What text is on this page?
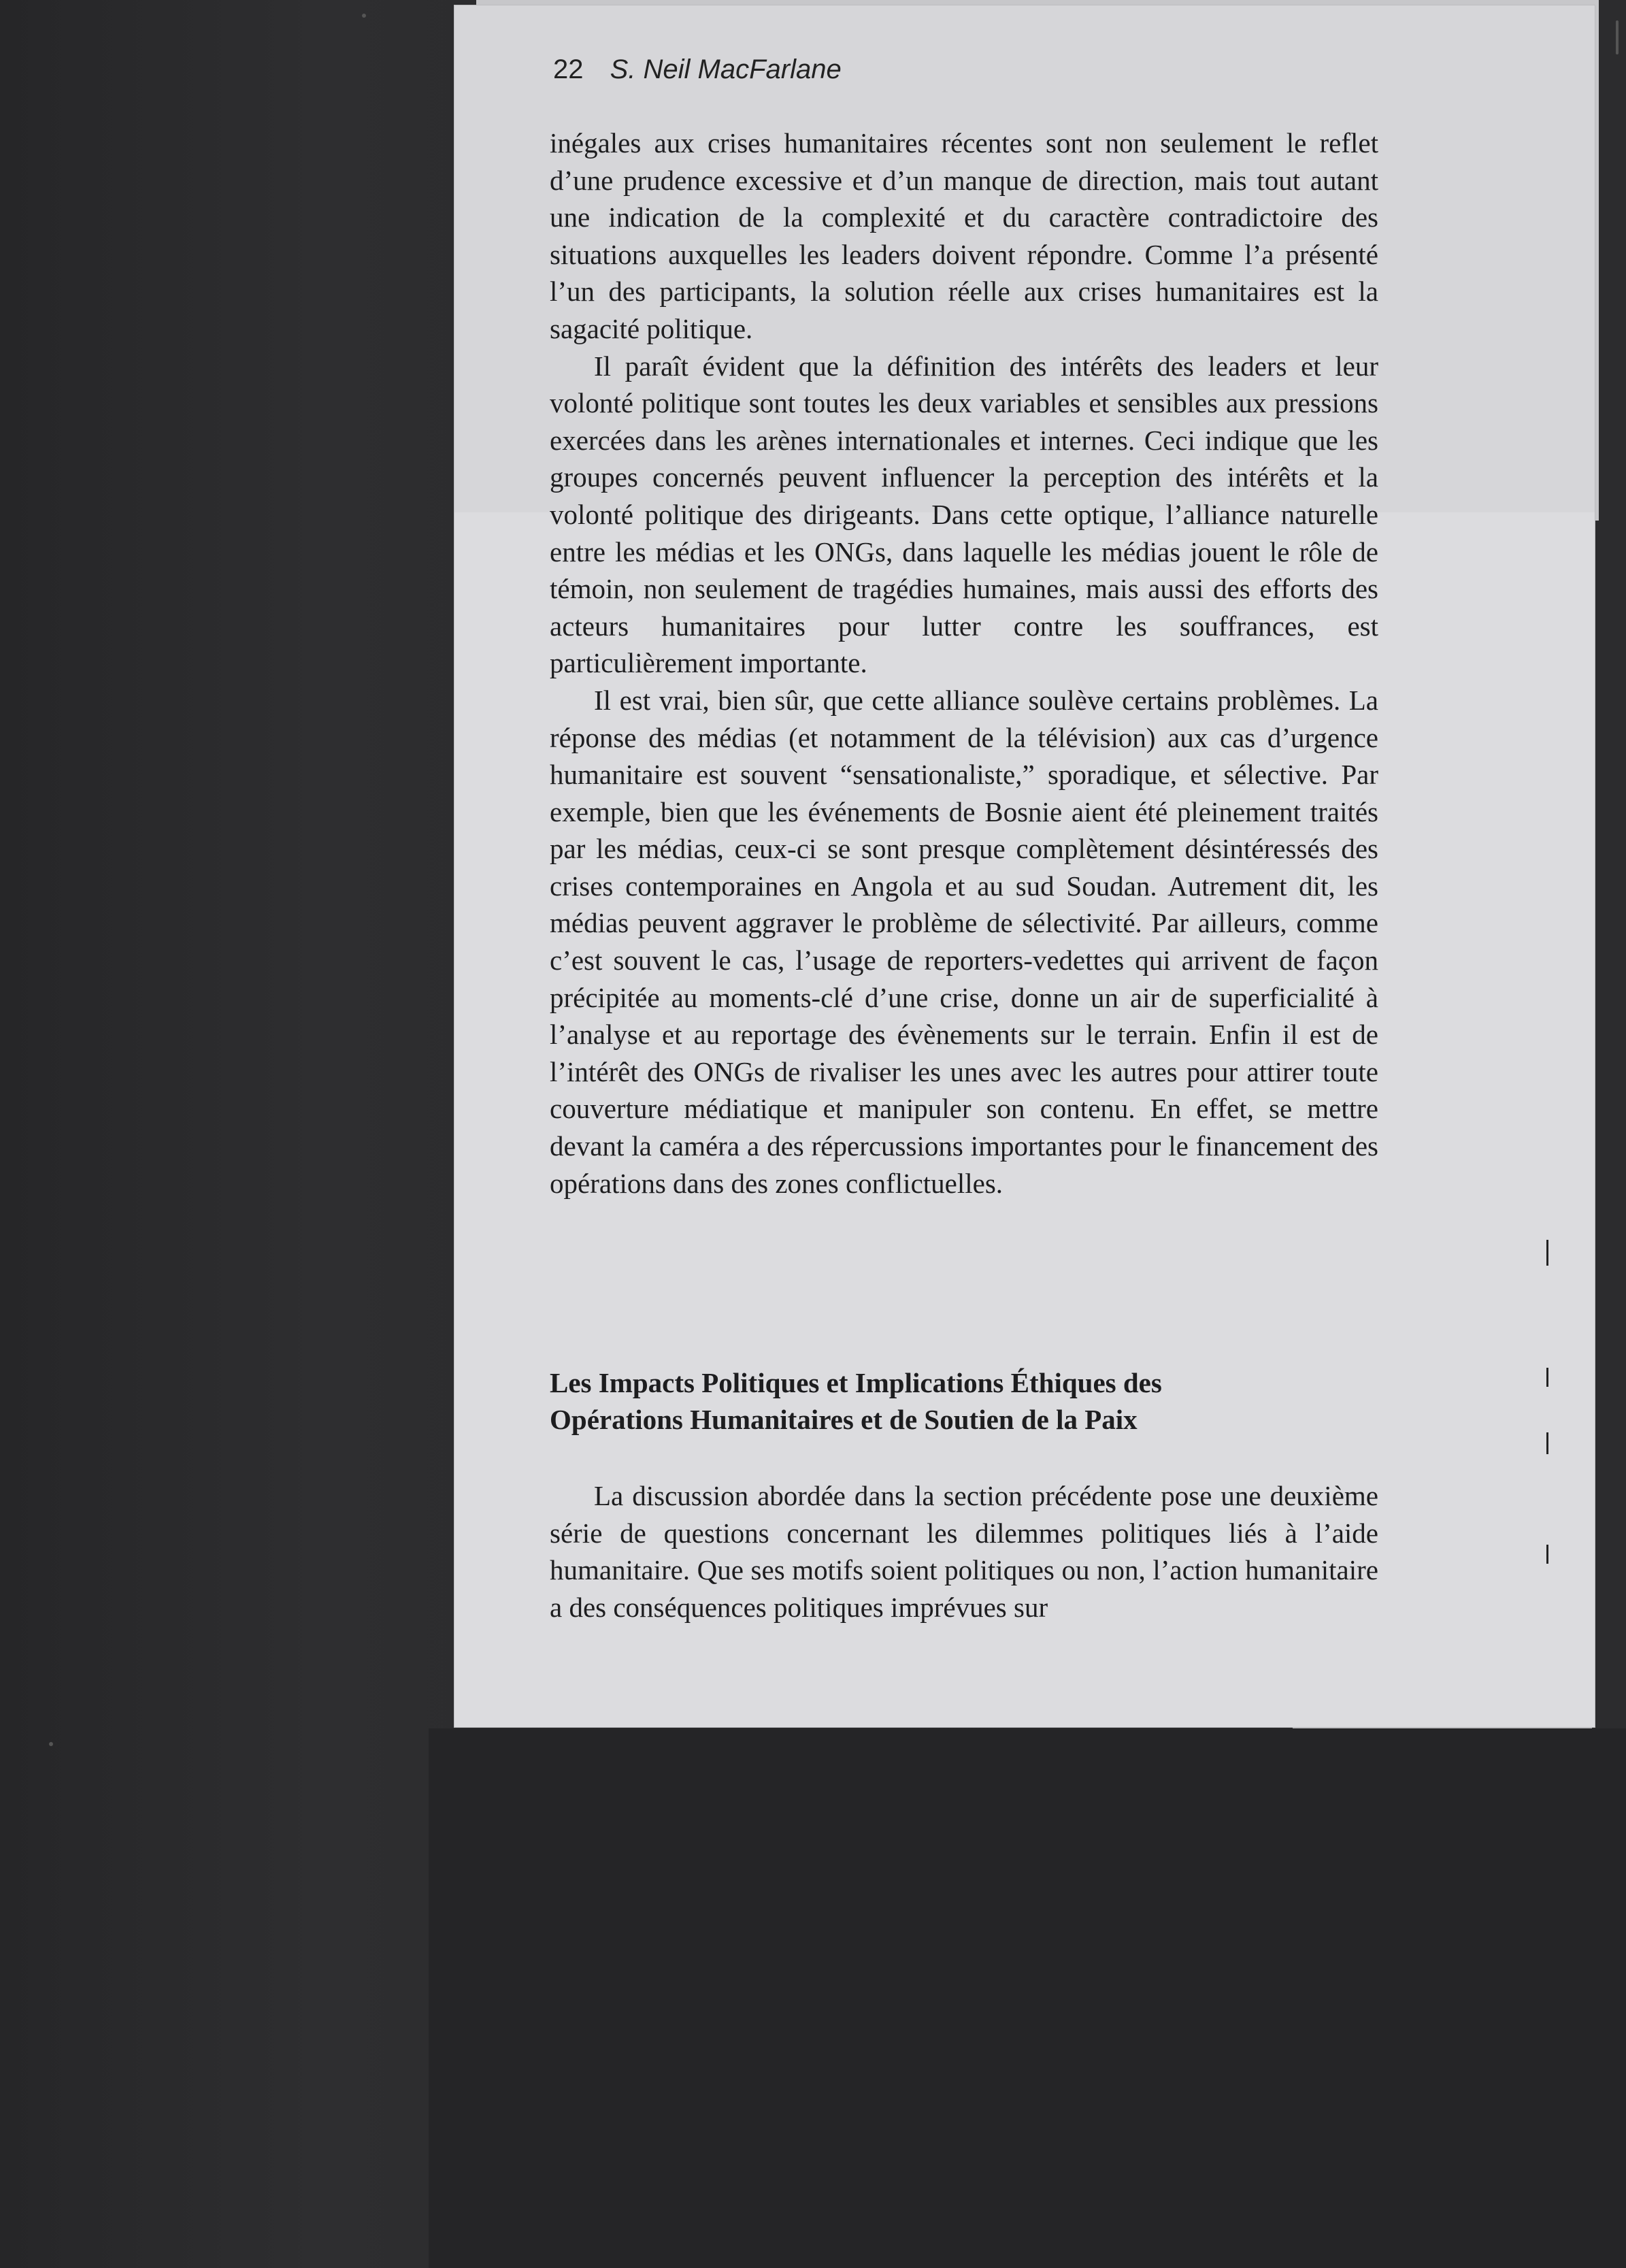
22 S. Neil MacFarlane

inégales aux crises humanitaires récentes sont non seulement le reflet d’une prudence excessive et d’un manque de direction, mais tout autant une indication de la complexité et du caractère contradictoire des situations auxquelles les leaders doivent répondre. Comme l’a présenté l’un des participants, la solution réelle aux crises humanitaires est la sagacité politique.

Il paraît évident que la définition des intérêts des leaders et leur volonté politique sont toutes les deux variables et sensibles aux pressions exercées dans les arènes internationales et internes. Ceci indique que les groupes concernés peuvent influencer la perception des intérêts et la volonté politique des dirigeants. Dans cette optique, l’alliance naturelle entre les médias et les ONGs, dans laquelle les médias jouent le rôle de témoin, non seulement de tragédies humaines, mais aussi des efforts des acteurs humanitaires pour lutter contre les souffrances, est particulièrement importante.

Il est vrai, bien sûr, que cette alliance soulève certains problèmes. La réponse des médias (et notamment de la télévision) aux cas d’urgence humanitaire est souvent “sensationaliste,” sporadique, et sélective. Par exemple, bien que les événements de Bosnie aient été pleinement traités par les médias, ceux-ci se sont presque complètement désintéressés des crises contemporaines en Angola et au sud Soudan. Autrement dit, les médias peuvent aggraver le problème de sélectivité. Par ailleurs, comme c’est souvent le cas, l’usage de reporters-vedettes qui arrivent de façon précipitée au moments-clé d’une crise, donne un air de superficialité à l’analyse et au reportage des évènements sur le terrain. Enfin il est de l’intérêt des ONGs de rivaliser les unes avec les autres pour attirer toute couverture médiatique et manipuler son contenu. En effet, se mettre devant la caméra a des répercussions importantes pour le financement des opérations dans des zones conflictuelles.

Les Impacts Politiques et Implications Éthiques des
Opérations Humanitaires et de Soutien de la Paix
La discussion abordée dans la section précédente pose une deuxième série de questions concernant les dilemmes politiques liés à l’aide humanitaire. Que ses motifs soient politiques ou non, l’action humanitaire a des conséquences politiques imprévues sur
